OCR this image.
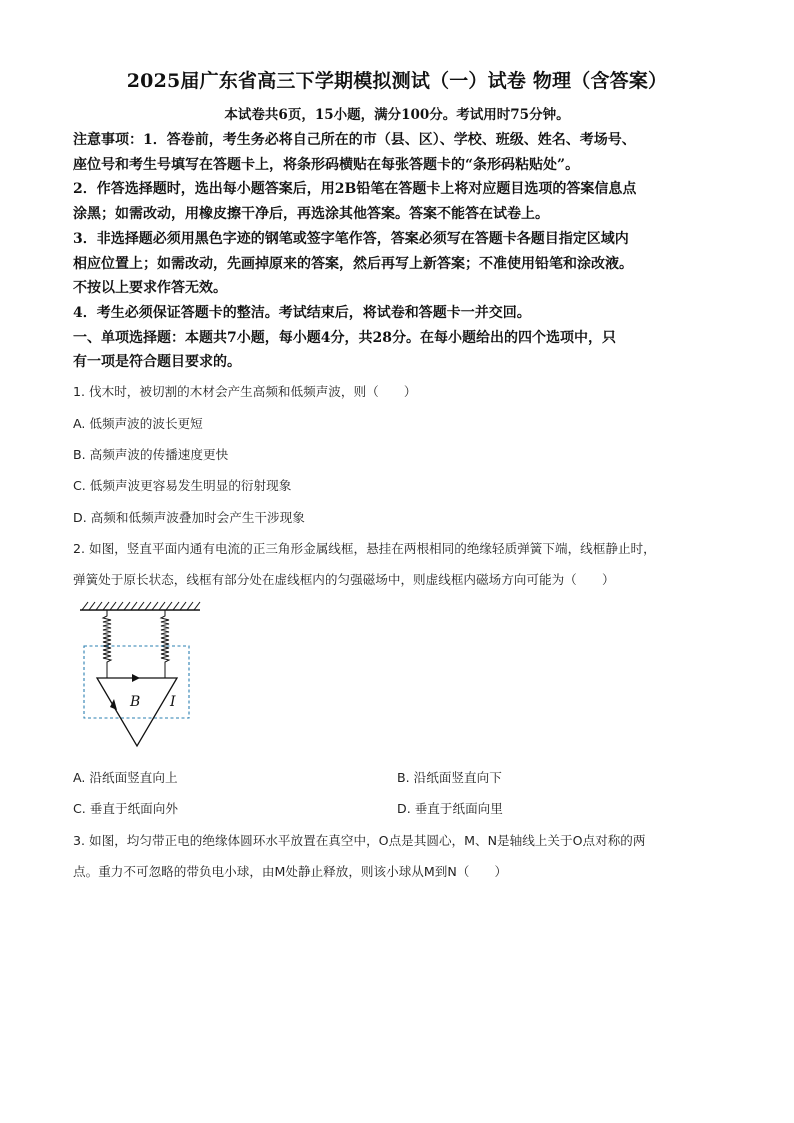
2025届广东省高三下学期模拟测试（一）试卷 物理（含答案）
本试卷共6页，15小题，满分100分。考试用时75分钟。

注意事项：1．答卷前，考生务必将自己所在的市（县、区）、学校、班级、姓名、考场号、

座位号和考生号填写在答题卡上，将条形码横贴在每张答题卡的“条形码粘贴处”。

2．作答选择题时，选出每小题答案后，用2B铅笔在答题卡上将对应题目选项的答案信息点

涂黑；如需改动，用橡皮擦干净后，再选涂其他答案。答案不能答在试卷上。

3．非选择题必须用黑色字迹的钢笔或签字笔作答，答案必须写在答题卡各题目指定区域内

相应位置上；如需改动，先画掉原来的答案，然后再写上新答案；不准使用铅笔和涂改液。

不按以上要求作答无效。

4．考生必须保证答题卡的整洁。考试结束后，将试卷和答题卡一并交回。

一、单项选择题：本题共7小题，每小题4分，共28分。在每小题给出的四个选项中，只

有一项是符合题目要求的。

1. 伐木时，被切割的木材会产生高频和低频声波，则（　　）
A. 低频声波的波长更短
B. 高频声波的传播速度更快
C. 低频声波更容易发生明显的衍射现象
D. 高频和低频声波叠加时会产生干涉现象
2. 如图，竖直平面内通有电流的正三角形金属线框，悬挂在两根相同的绝缘轻质弹簧下端，线框静止时，
弹簧处于原长状态，线框有部分处在虚线框内的匀强磁场中，则虚线框内磁场方向可能为（　　）
B I
A. 沿纸面竖直向上	B. 沿纸面竖直向下
C. 垂直于纸面向外	D. 垂直于纸面向里
3. 如图，均匀带正电的绝缘体圆环水平放置在真空中，O点是其圆心，M、N是轴线上关于O点对称的两
点。重力不可忽略的带负电小球，由M处静止释放，则该小球从M到N（　　）
